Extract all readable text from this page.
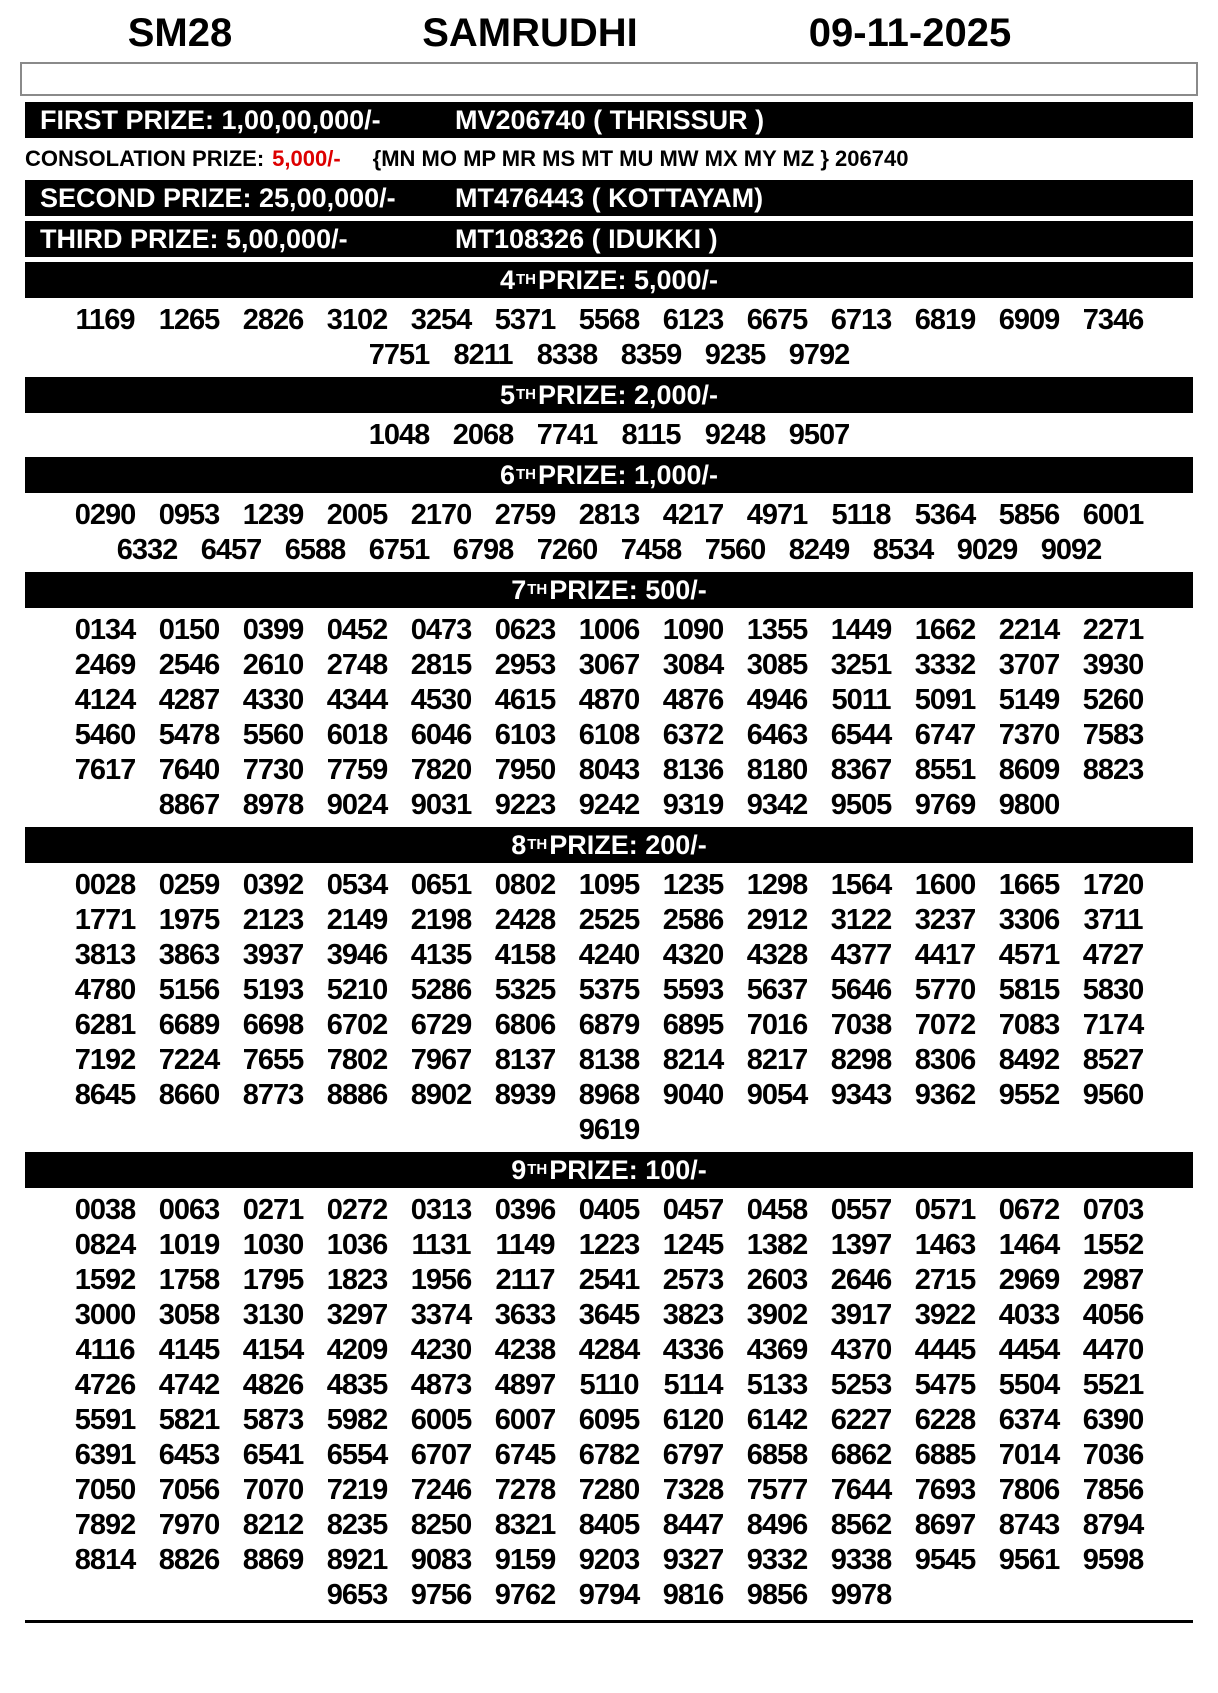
SM28	SAMRUDHI	09-11-2025
FIRST PRIZE: 1,00,00,000/-	MV206740 ( THRISSUR )
CONSOLATION PRIZE: 5,000/- {MN MO MP MR MS MT MU MW MX MY MZ } 206740
SECOND PRIZE: 25,00,000/-	MT476443 ( KOTTAYAM)
THIRD PRIZE: 5,00,000/-	MT108326 ( IDUKKI )
4 TH PRIZE: 5,000/-
1169 1265 2826 3102 3254 5371 5568 6123 6675 6713 6819 6909 7346
7751 8211 8338 8359 9235 9792
5 TH PRIZE: 2,000/-
1048 2068 7741 8115 9248 9507
6 TH PRIZE: 1,000/-
0290 0953 1239 2005 2170 2759 2813 4217 4971 5118 5364 5856 6001
6332 6457 6588 6751 6798 7260 7458 7560 8249 8534 9029 9092
7 TH PRIZE: 500/-
0134 0150 0399 0452 0473 0623 1006 1090 1355 1449 1662 2214 2271
2469 2546 2610 2748 2815 2953 3067 3084 3085 3251 3332 3707 3930
4124 4287 4330 4344 4530 4615 4870 4876 4946 5011 5091 5149 5260
5460 5478 5560 6018 6046 6103 6108 6372 6463 6544 6747 7370 7583
7617 7640 7730 7759 7820 7950 8043 8136 8180 8367 8551 8609 8823
8867 8978 9024 9031 9223 9242 9319 9342 9505 9769 9800
8 TH PRIZE: 200/-
0028 0259 0392 0534 0651 0802 1095 1235 1298 1564 1600 1665 1720
1771 1975 2123 2149 2198 2428 2525 2586 2912 3122 3237 3306 3711
3813 3863 3937 3946 4135 4158 4240 4320 4328 4377 4417 4571 4727
4780 5156 5193 5210 5286 5325 5375 5593 5637 5646 5770 5815 5830
6281 6689 6698 6702 6729 6806 6879 6895 7016 7038 7072 7083 7174
7192 7224 7655 7802 7967 8137 8138 8214 8217 8298 8306 8492 8527
8645 8660 8773 8886 8902 8939 8968 9040 9054 9343 9362 9552 9560
9619
9 TH PRIZE: 100/-
0038 0063 0271 0272 0313 0396 0405 0457 0458 0557 0571 0672 0703
0824 1019 1030 1036 1131 1149 1223 1245 1382 1397 1463 1464 1552
1592 1758 1795 1823 1956 2117 2541 2573 2603 2646 2715 2969 2987
3000 3058 3130 3297 3374 3633 3645 3823 3902 3917 3922 4033 4056
4116 4145 4154 4209 4230 4238 4284 4336 4369 4370 4445 4454 4470
4726 4742 4826 4835 4873 4897 5110 5114 5133 5253 5475 5504 5521
5591 5821 5873 5982 6005 6007 6095 6120 6142 6227 6228 6374 6390
6391 6453 6541 6554 6707 6745 6782 6797 6858 6862 6885 7014 7036
7050 7056 7070 7219 7246 7278 7280 7328 7577 7644 7693 7806 7856
7892 7970 8212 8235 8250 8321 8405 8447 8496 8562 8697 8743 8794
8814 8826 8869 8921 9083 9159 9203 9327 9332 9338 9545 9561 9598
9653 9756 9762 9794 9816 9856 9978
